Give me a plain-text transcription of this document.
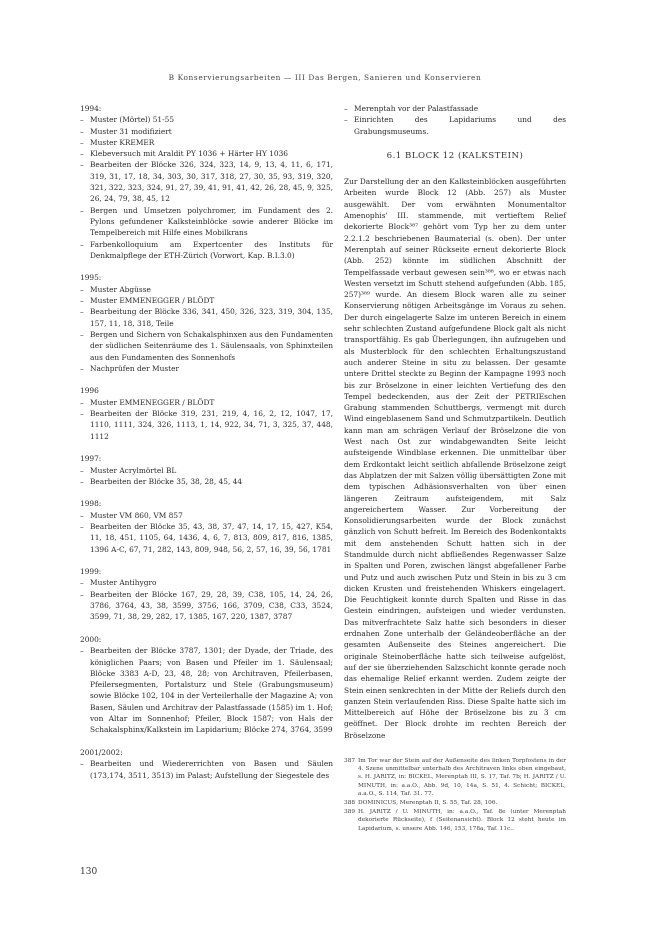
B Konservierungsarbeiten — III Das Bergen, Sanieren und Konservieren
1994:
– Muster (Mörtel) 51-55
– Muster 31 modifiziert
– Muster KREMER
– Klebeversuch mit Araldit PY 1036 + Härter HY 1036
– Bearbeiten der Blöcke 326, 324, 323, 14, 9, 13, 4, 11, 6, 171, 319, 31, 17, 18, 34, 303, 30, 317, 318, 27, 30, 35, 93, 319, 320, 321, 322, 323, 324, 91, 27, 39, 41, 91, 41, 42, 26, 28, 45, 9, 325, 26, 24, 79, 38, 45, 12
– Bergen und Umsetzen polychromer, im Fundament des 2. Pylons gefundener Kalksteinblöcke sowie anderer Blöcke im Tempelbereich mit Hilfe eines Mobilkrans
– Farbenkolloquium am Expertcenter des Instituts für Denkmalpflege der ETH-Zürich (Vorwort, Kap. B.I.3.0)
1995:
– Muster Abgüsse
– Muster EMMENEGGER / BLÖDT
– Bearbeitung der Blöcke 336, 341, 450, 326, 323, 319, 304, 135, 157, 11, 18, 318, Teile
– Bergen und Sichern von Schakalsphinxen aus den Fundamenten der südlichen Seitenräume des 1. Säulensaals, von Sphinxteilen aus den Fundamenten des Sonnenhofs
– Nachprüfen der Muster
1996
– Muster EMMENEGGER / BLÖDT
– Bearbeiten der Blöcke 319, 231, 219, 4, 16, 2, 12, 1047, 17, 1110, 1111, 324, 326, 1113, 1, 14, 922, 34, 71, 3, 325, 37, 448, 1112
1997:
– Muster Acrylmörtel BL
– Bearbeiten der Blöcke 35, 38, 28, 45, 44
1998:
– Muster VM 860, VM 857
– Bearbeiten der Blöcke 35, 43, 38, 37, 47, 14, 17, 15, 427, K54, 11, 18, 451, 1105, 64, 1436, 4, 6, 7, 813, 809, 817, 816, 1385, 1396 A-C, 67, 71, 282, 143, 809, 948, 56, 2, 57, 16, 39, 56, 1781
1999:
– Muster Antihygro
– Bearbeiten der Blöcke 167, 29, 28, 39, C38, 105, 14, 24, 26, 3786, 3764, 43, 38, 3599, 3756, 166, 3709, C38, C33, 3524, 3599, 71, 38, 29, 282, 17, 1385, 167, 220, 1387, 3787
2000:
– Bearbeiten der Blöcke 3787, 1301; der Dyade, der Triade, des königlichen Paars; von Basen und Pfeiler im 1. Säulensaal; Blöcke 3383 A-D, 23, 48, 28; von Architraven, Pfeilerbasen, Pfeilersegmenten, Portalsturz und Stele (Grabungsmuseum) sowie Blöcke 102, 104 in der Verteilerhalle der Magazine A; von Basen, Säulen und Architrav der Palastfassade (1585) im 1. Hof; von Altar im Sonnenhof; Pfeiler, Block 1587; von Hals der Schakalsphinx/Kalkstein im Lapidarium; Blöcke 274, 3764, 3599
2001/2002:
– Bearbeiten und Wiedererrichten von Basen und Säulen (173,174, 3511, 3513) im Palast; Aufstellung der Siegestele des
– Merenptah vor der Palastfassade
– Einrichten des Lapidariums und des Grabungsmuseums.
6.1 BLOCK 12 (KALKSTEIN)

Zur Darstellung der an den Kalksteinblöcken ausgeführten Arbeiten wurde Block 12 (Abb. 257) als Muster ausgewählt. Der vom erwähnten Monumentaltor Amenophis' III. stammende, mit vertieftem Relief dekorierte Block³⁸⁷ gehört vom Typ her zu dem unter 2.2.1.2 beschriebenen Baumaterial (s. oben). Der unter Merenptah auf seiner Rückseite erneut dekorierte Block (Abb. 252) könnte im südlichen Abschnitt der Tempelfassade verbaut gewesen sein³⁸⁸, wo er etwas nach Westen versetzt im Schutt stehend aufgefunden (Abb. 185, 257)³⁸⁹ wurde. An diesem Block waren alle zu seiner Konservierung nötigen Arbeitsgänge im Voraus zu sehen. Der durch eingelagerte Salze im unteren Bereich in einem sehr schlechten Zustand aufgefundene Block galt als nicht transportfähig. Es gab Überlegungen, ihn aufzugeben und als Musterblock für den schlechten Erhaltungszustand auch anderer Steine in situ zu belassen. Der gesamte untere Drittel steckte zu Beginn der Kampagne 1993 noch bis zur Bröselzone in einer leichten Vertiefung des den Tempel bedeckenden, aus der Zeit der PETRIEschen Grabung stammenden Schuttbergs, vermengt mit durch Wind eingeblasenem Sand und Schmutzpartikeln. Deutlich kann man am schrägen Verlauf der Bröselzone die von West nach Ost zur windabgewandten Seite leicht aufsteigende Windblase erkennen. Die unmittelbar über dem Erdkontakt leicht seitlich abfallende Bröselzone zeigt das Abplatzen der mit Salzen völlig übersättigten Zone mit dem typischen Adhäsionsverhalten von über einen längeren Zeitraum aufsteigendem, mit Salz angereichertem Wasser. Zur Vorbereitung der Konsolidierungsarbeiten wurde der Block zunächst gänzlich von Schutt befreit. Im Bereich des Bodenkontakts mit dem anstehenden Schutt hatten sich in der Standmulde durch nicht abfließendes Regenwasser Salze in Spalten und Poren, zwischen längst abgefallener Farbe und Putz und auch zwischen Putz und Stein in bis zu 3 cm dicken Krusten und freistehenden Whiskers eingelagert. Die Feuchtigkeit konnte durch Spalten und Risse in das Gestein eindringen, aufsteigen und wieder verdunsten. Das mitverfrachtete Salz hatte sich besonders in dieser erdnahen Zone unterhalb der Geländeoberfläche an der gesamten Außenseite des Steines angereichert. Die originale Steinoberfläche hatte sich teilweise aufgelöst, auf der sie überziehenden Salzschicht konnte gerade noch das ehemalige Relief erkannt werden. Zudem zeigte der Stein einen senkrechten in der Mitte der Reliefs durch den ganzen Stein verlaufenden Riss. Diese Spalte hatte sich im Mittelbereich auf Höhe der Bröselzone bis zu 3 cm geöffnet. Der Block drohte im rechten Bereich der Bröselzone

387 Im Tor war der Stein auf der Außenseite des linken Torpfostens in der 4. Szene unmittelbar unterhalb des Architraven links oben eingebaut, s. H. JARITZ, in: BICKEL, Merenptah III, S. 17, Taf. 7b; H. JARITZ / U. MINUTH, in: a.a.O., Abb. 9d, 10, 14a, S. 51, 4. Schicht; BICKEL, a.a.O., S. 114, Taf. 31. 77.
388 DOMINICUS, Merenptah II, S. 55, Taf. 28, 106.
389 H. JARITZ / U. MINUTH, in: a.a.O., Taf. 8e (unter Merenptah dekorierte Rückseite), f (Seitenansicht). Block 12 steht heute im Lapidarium, s. unsere Abb. 146, 153, 178a, Taf. 11c..
130
